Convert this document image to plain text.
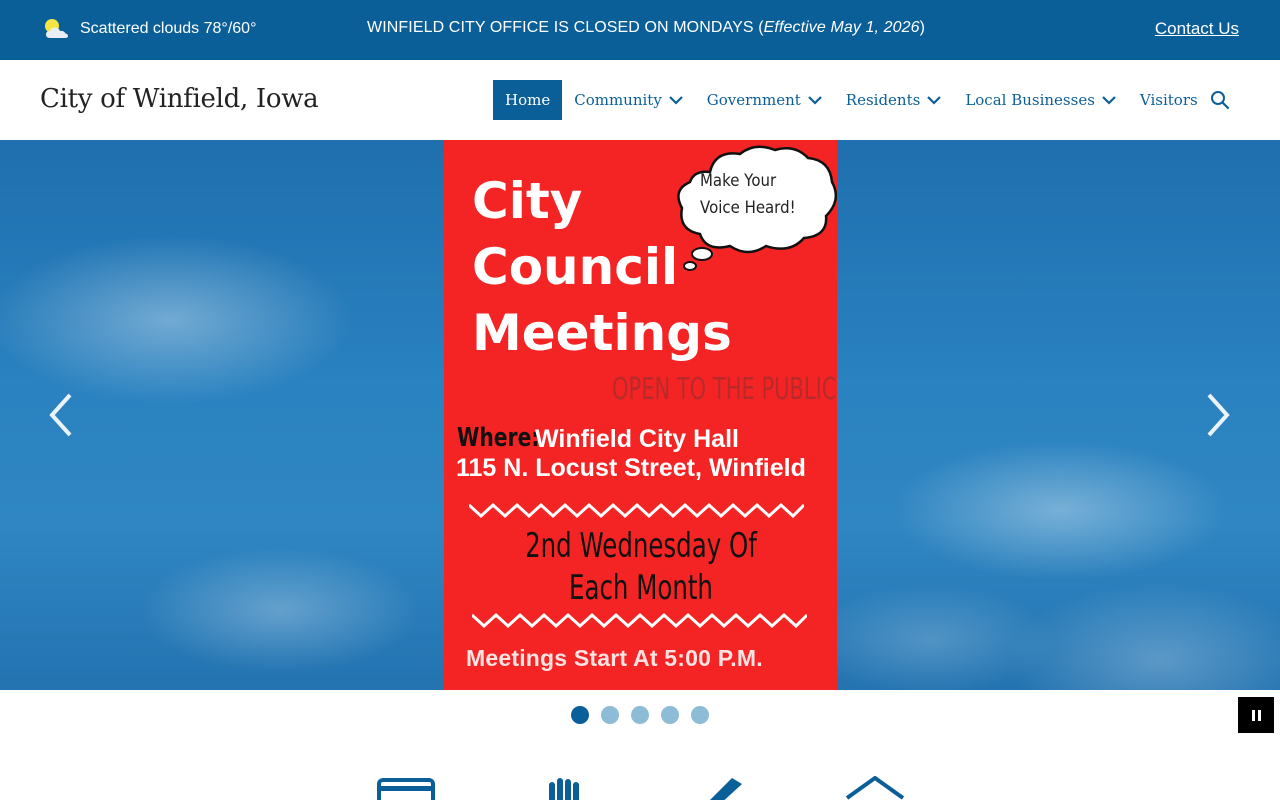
Scattered clouds 78°/60°	WINFIELD CITY OFFICE IS CLOSED ON MONDAYS (Effective May 1, 2026)	Contact Us
City of Winfield, Iowa	Home Community	Government	Residents	Local Businesses	Visitors
City
Council
Meetings
Make Your
Voice Heard!
OPEN TO THE PUBLIC
Where:
Winfield City Hall
115 N. Locust Street, Winfield
2nd Wednesday Of
Each Month
Meetings Start At 5:00 P.M.
